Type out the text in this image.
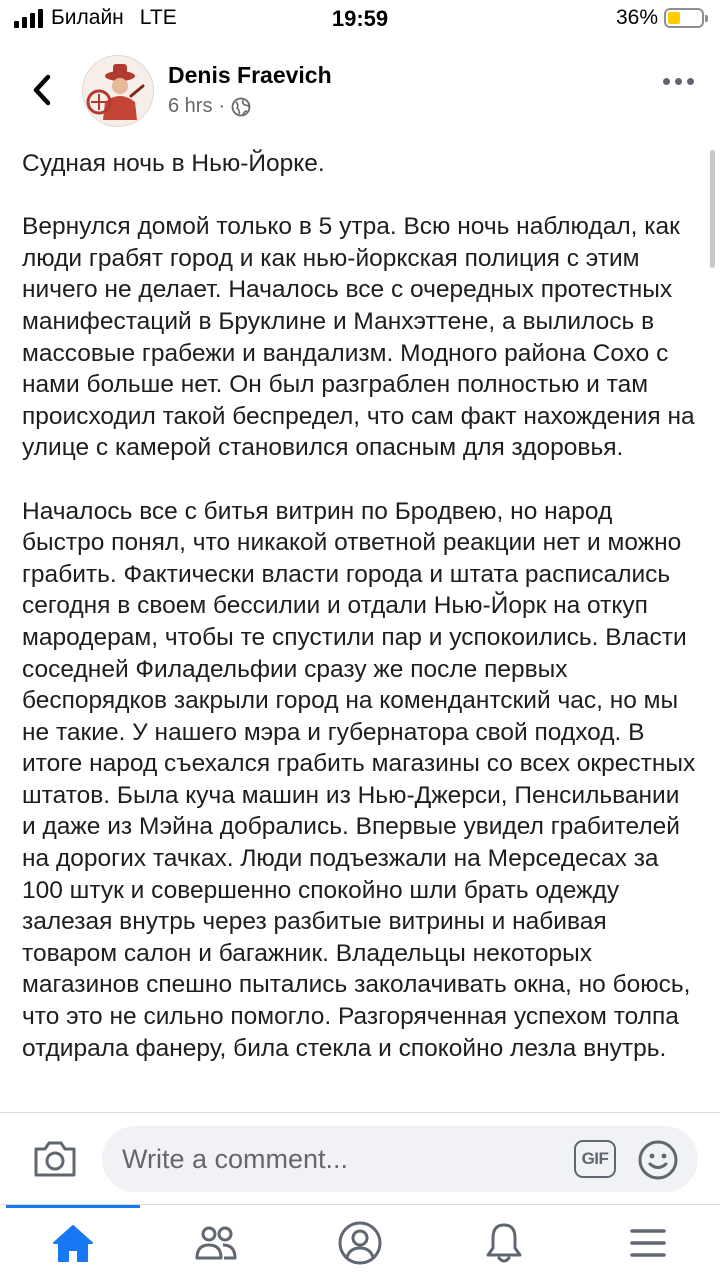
Билайн LTE	19:59	36%
Denis Fraevich
6 hrs ·

Судная ночь в Нью-Йорке.

Вернулся домой только в 5 утра. Всю ночь наблюдал, как люди грабят город и как нью-йоркская полиция с этим ничего не делает. Началось все с очередных протестных манифестаций в Бруклине и Манхэттене, а вылилось в массовые грабежи и вандализм. Модного района Сохо с нами больше нет. Он был разграблен полностью и там происходил такой беспредел, что сам факт нахождения на улице с камерой становился опасным для здоровья.

Началось все с битья витрин по Бродвею, но народ быстро понял, что никакой ответной реакции нет и можно грабить. Фактически власти города и штата расписались сегодня в своем бессилии и отдали Нью-Йорк на откуп мародерам, чтобы те спустили пар и успокоились. Власти соседней Филадельфии сразу же после первых беспорядков закрыли город на комендантский час, но мы не такие. У нашего мэра и губернатора свой подход. В итоге народ съехался грабить магазины со всех окрестных штатов. Была куча машин из Нью-Джерси, Пенсильвании и даже из Мэйна добрались. Впервые увидел грабителей на дорогих тачках. Люди подъезжали на Мерседесах за 100 штук и совершенно спокойно шли брать одежду залезая внутрь через разбитые витрины и набивая товаром салон и багажник. Владельцы некоторых магазинов спешно пытались заколачивать окна, но боюсь, что это не сильно помогло. Разгоряченная успехом толпа отдирала фанеру, била стекла и спокойно лезла внутрь.

Write a comment...	GIF
